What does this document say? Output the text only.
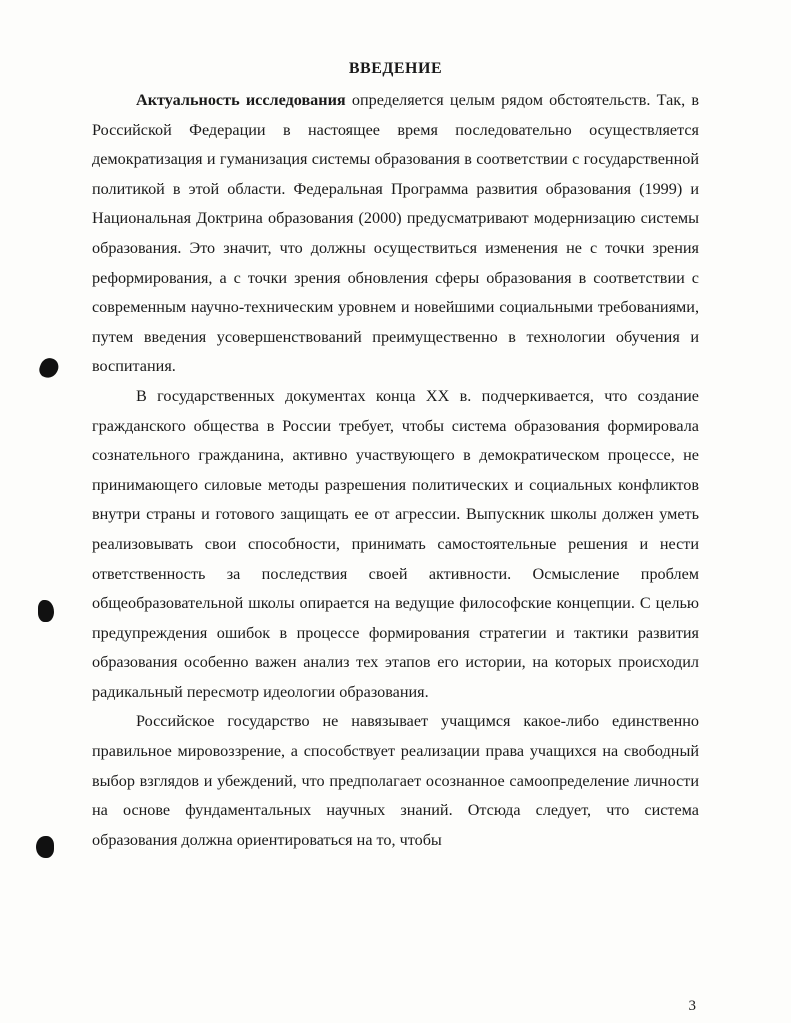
ВВЕДЕНИЕ

Актуальность исследования определяется целым рядом обстоятельств. Так, в Российской Федерации в настоящее время последовательно осуществляется демократизация и гуманизация системы образования в соответствии с государственной политикой в этой области. Федеральная Программа развития образования (1999) и Национальная Доктрина образования (2000) предусматривают модернизацию системы образования. Это значит, что должны осуществиться изменения не с точки зрения реформирования, а с точки зрения обновления сферы образования в соответствии с современным научно-техническим уровнем и новейшими социальными требованиями, путем введения усовершенствований преимущественно в технологии обучения и воспитания.

В государственных документах конца XX в. подчеркивается, что создание гражданского общества в России требует, чтобы система образования формировала сознательного гражданина, активно участвующего в демократическом процессе, не принимающего силовые методы разрешения политических и социальных конфликтов внутри страны и готового защищать ее от агрессии. Выпускник школы должен уметь реализовывать свои способности, принимать самостоятельные решения и нести ответственность за последствия своей активности. Осмысление проблем общеобразовательной школы опирается на ведущие философские концепции. С целью предупреждения ошибок в процессе формирования стратегии и тактики развития образования особенно важен анализ тех этапов его истории, на которых происходил радикальный пересмотр идеологии образования.

Российское государство не навязывает учащимся какое-либо единственно правильное мировоззрение, а способствует реализации права учащихся на свободный выбор взглядов и убеждений, что предполагает осознанное самоопределение личности на основе фундаментальных научных знаний. Отсюда следует, что система образования должна ориентироваться на то, чтобы

3
